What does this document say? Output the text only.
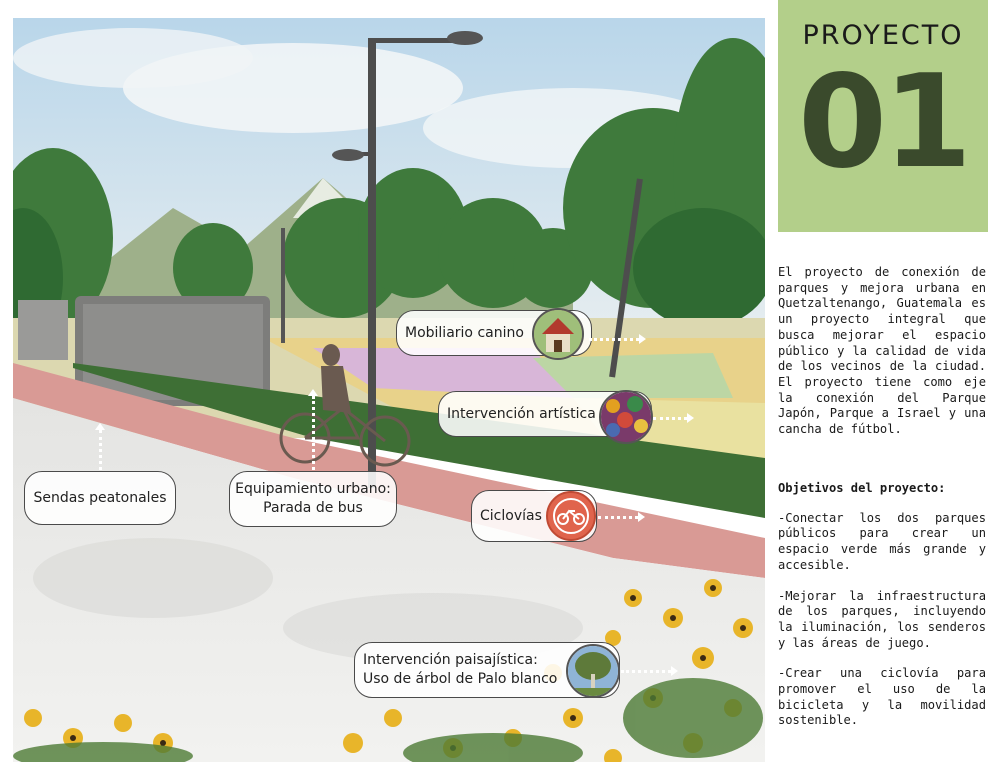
Mobiliario canino
Intervención artística
Ciclovías
Sendas peatonales
Equipamiento urbano:
Parada de bus
Intervención paisajística:
Uso de árbol de Palo blanco
PROYECTO
01

El proyecto de conexión de parques y mejora urbana en Quetzaltenango, Guatemala es un proyecto integral que busca mejorar el espacio público y la calidad de vida de los vecinos de la ciudad. El proyecto tiene como eje la conexión del Parque Japón, Parque a Israel y una cancha de fútbol.

Objetivos del proyecto:

-Conectar los dos parques públicos para crear un espacio verde más grande y accesible.

-Mejorar la infraestructura de los parques, incluyendo la iluminación, los senderos y las áreas de juego.

-Crear una ciclovía para promover el uso de la bicicleta y la movilidad sostenible.
